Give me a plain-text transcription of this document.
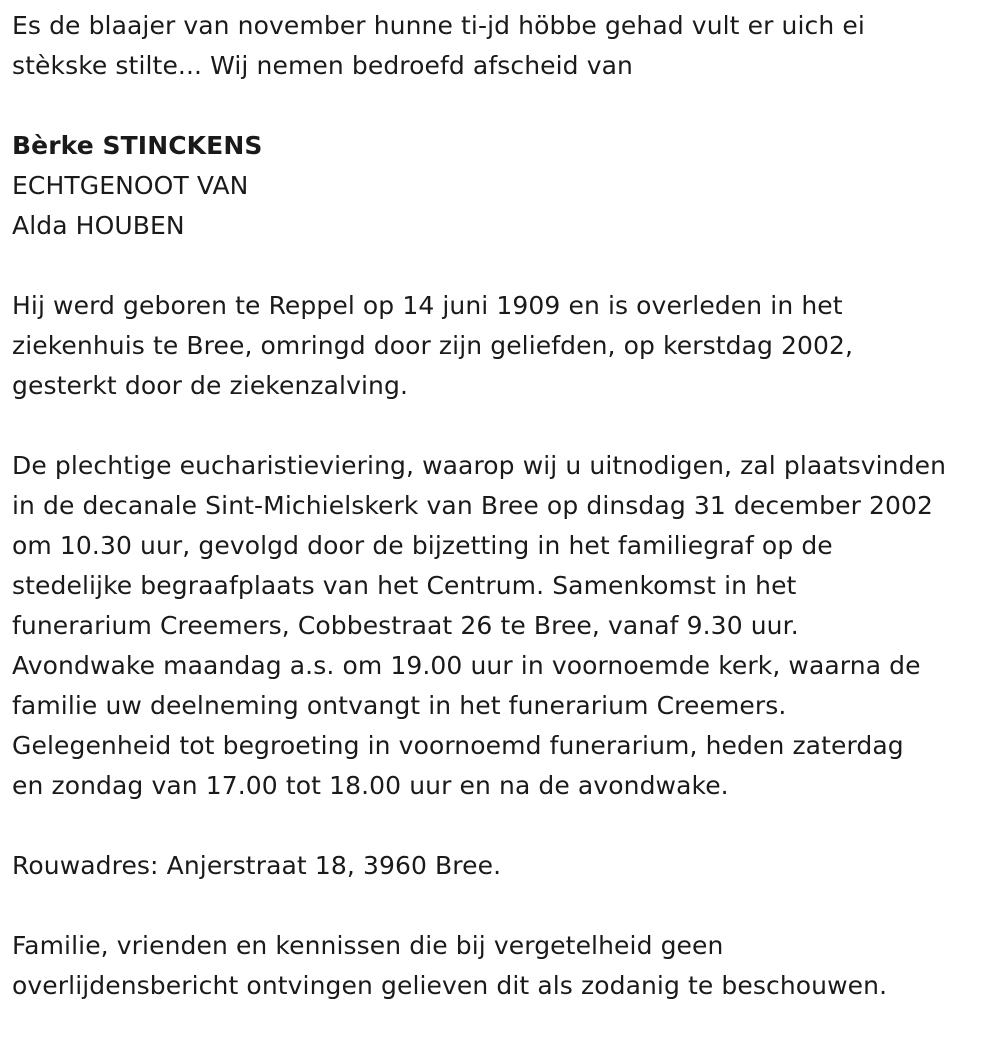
Es de blaajer van november hunne ti-jd höbbe gehad vult er uich ei
stèkske stilte... Wij nemen bedroefd afscheid van

Bèrke STINCKENS

ECHTGENOOT VAN

Alda HOUBEN

Hij werd geboren te Reppel op 14 juni 1909 en is overleden in het
ziekenhuis te Bree, omringd door zijn geliefden, op kerstdag 2002,
gesterkt door de ziekenzalving.

De plechtige eucharistieviering, waarop wij u uitnodigen, zal plaatsvinden
in de decanale Sint-Michielskerk van Bree op dinsdag 31 december 2002
om 10.30 uur, gevolgd door de bijzetting in het familiegraf op de
stedelijke begraafplaats van het Centrum. Samenkomst in het
funerarium Creemers, Cobbestraat 26 te Bree, vanaf 9.30 uur.
Avondwake maandag a.s. om 19.00 uur in voornoemde kerk, waarna de
familie uw deelneming ontvangt in het funerarium Creemers.
Gelegenheid tot begroeting in voornoemd funerarium, heden zaterdag
en zondag van 17.00 tot 18.00 uur en na de avondwake.

Rouwadres: Anjerstraat 18, 3960 Bree.

Familie, vrienden en kennissen die bij vergetelheid geen
overlijdensbericht ontvingen gelieven dit als zodanig te beschouwen.
